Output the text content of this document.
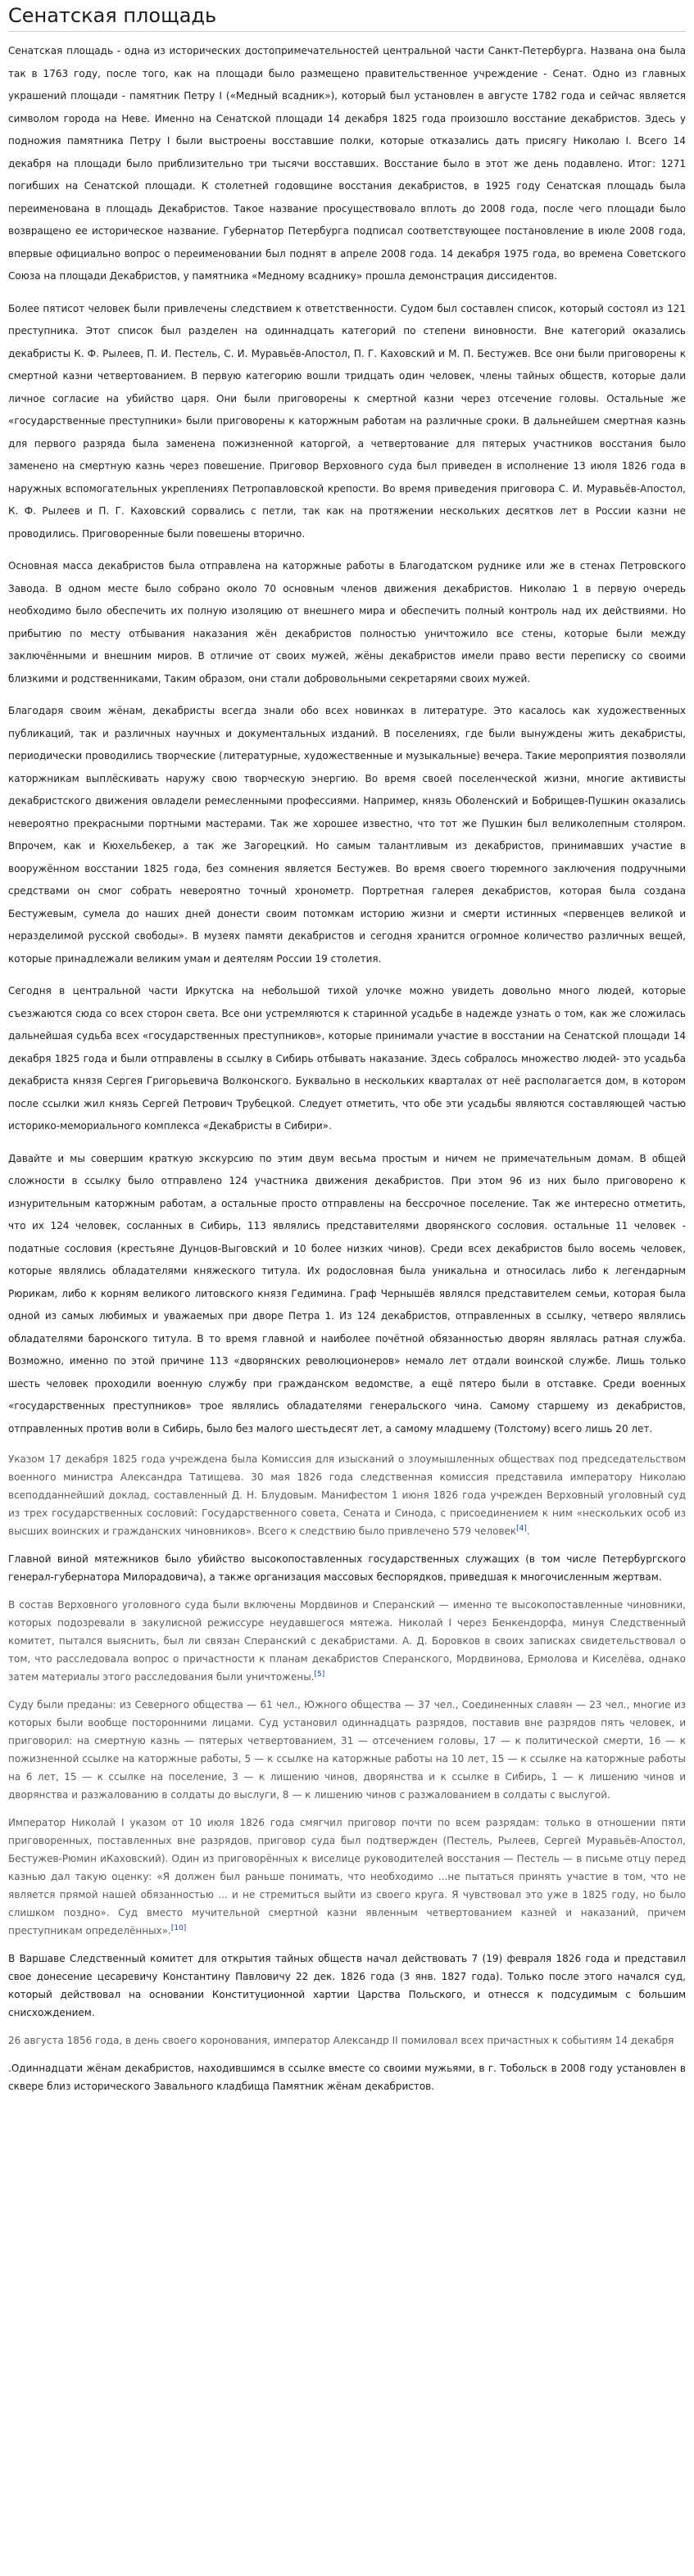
Сенатская площадь

Сенатская площадь - одна из исторических достопримечательностей центральной части Санкт-Петербурга. Названа она была так в 1763 году, после того, как на площади было размещено правительственное учреждение - Сенат. Одно из главных украшений площади - памятник Петру I («Медный всадник»), который был установлен в августе 1782 года и сейчас является символом города на Неве. Именно на Сенатской площади 14 декабря 1825 года произошло восстание декабристов. Здесь у подножия памятника Петру I были выстроены восставшие полки, которые отказались дать присягу Николаю I. Всего 14 декабря на площади было приблизительно три тысячи восставших. Восстание было в этот же день подавлено. Итог: 1271 погибших на Сенатской площади. К столетней годовщине восстания декабристов, в 1925 году Сенатская площадь была переименована в площадь Декабристов. Такое название просуществовало вплоть до 2008 года, после чего площади было возвращено ее историческое название. Губернатор Петербурга подписал соответствующее постановление в июле 2008 года, впервые официально вопрос о переименовании был поднят в апреле 2008 года. 14 декабря 1975 года, во времена Советского Союза на площади Декабристов, у памятника «Медному всаднику» прошла демонстрация диссидентов.

Более пятисот человек были привлечены следствием к ответственности. Судом был составлен список, который состоял из 121 преступника. Этот список был разделен на одиннадцать категорий по степени виновности. Вне категорий оказались декабристы К. Ф. Рылеев, П. И. Пестель, С. И. Муравьёв-Апостол, П. Г. Каховский и М. П. Бестужев. Все они были приговорены к смертной казни четвертованием. В первую категорию вошли тридцать один человек, члены тайных обществ, которые дали личное согласие на убийство царя. Они были приговорены к смертной казни через отсечение головы. Остальные же «государственные преступники» были приговорены к каторжным работам на различные сроки. В дальнейшем смертная казнь для первого разряда была заменена пожизненной каторгой, а четвертование для пятерых участников восстания было заменено на смертную казнь через повешение. Приговор Верховного суда был приведен в исполнение 13 июля 1826 года в наружных вспомогательных укреплениях Петропавловской крепости. Во время приведения приговора С. И. Муравьёв-Апостол, К. Ф. Рылеев и П. Г. Каховский сорвались с петли, так как на протяжении нескольких десятков лет в России казни не проводились. Приговоренные были повешены вторично.

Основная масса декабристов была отправлена на каторжные работы в Благодатском руднике или же в стенах Петровского Завода. В одном месте было собрано около 70 основным членов движения декабристов. Николаю 1 в первую очередь необходимо было обеспечить их полную изоляцию от внешнего мира и обеспечить полный контроль над их действиями. Но прибытию по месту отбывания наказания жён декабристов полностью уничтожило все стены, которые были между заключёнными и внешним миров. В отличие от своих мужей, жёны декабристов имели право вести переписку со своими близкими и родственниками, Таким образом, они стали добровольными секретарями своих мужей.

Благодаря своим жёнам, декабристы всегда знали обо всех новинках в литературе. Это касалось как художественных публикаций, так и различных научных и документальных изданий. В поселениях, где были вынуждены жить декабристы, периодически проводились творческие (литературные, художественные и музыкальные) вечера. Такие мероприятия позволяли каторжникам выплёскивать наружу свою творческую энергию. Во время своей поселенческой жизни, многие активисты декабристского движения овладели ремесленными профессиями. Например, князь Оболенский и Бобрищев-Пушкин оказались невероятно прекрасными портными мастерами. Так же хорошее известно, что тот же Пушкин был великолепным столяром. Впрочем, как и Кюхельбекер, а так же Загорецкий. Но самым талантливым из декабристов, принимавших участие в вооружённом восстании 1825 года, без сомнения является Бестужев. Во время своего тюремного заключения подручными средствами он смог собрать невероятно точный хронометр. Портретная галерея декабристов, которая была создана Бестужевым, сумела до наших дней донести своим потомкам историю жизни и смерти истинных «первенцев великой и неразделимой русской свободы». В музеях памяти декабристов и сегодня хранится огромное количество различных вещей, которые принадлежали великим умам и деятелям России 19 столетия.

Сегодня в центральной части Иркутска на небольшой тихой улочке можно увидеть довольно много людей, которые съезжаются сюда со всех сторон света. Все они устремляются к старинной усадьбе в надежде узнать о том, как же сложилась дальнейшая судьба всех «государственных преступников», которые принимали участие в восстании на Сенатской площади 14 декабря 1825 года и были отправлены в ссылку в Сибирь отбывать наказание. Здесь собралось множество людей- это усадьба декабриста князя Сергея Григорьевича Волконского. Буквально в нескольких кварталах от неё располагается дом, в котором после ссылки жил князь Сергей Петрович Трубецкой. Следует отметить, что обе эти усадьбы являются составляющей частью историко-мемориального комплекса «Декабристы в Сибири».

Давайте и мы совершим краткую экскурсию по этим двум весьма простым и ничем не примечательным домам. В общей сложности в ссылку было отправлено 124 участника движения декабристов. При этом 96 из них было приговорено к изнурительным каторжным работам, а остальные просто отправлены на бессрочное поселение. Так же интересно отметить, что их 124 человек, сосланных в Сибирь, 113 являлись представителями дворянского сословия. остальные 11 человек - податные сословия (крестьяне Дунцов-Выговский и 10 более низких чинов). Среди всех декабристов было восемь человек, которые являлись обладателями княжеского титула. Их родословная была уникальна и относилась либо к легендарным Рюрикам, либо к корням великого литовского князя Гедимина. Граф Чернышёв являлся представителем семьи, которая была одной из самых любимых и уважаемых при дворе Петра 1. Из 124 декабристов, отправленных в ссылку, четверо являлись обладателями баронского титула. В то время главной и наиболее почётной обязанностью дворян являлась ратная служба. Возможно, именно по этой причине 113 «дворянских революционеров» немало лет отдали воинской службе. Лишь только шесть человек проходили военную службу при гражданском ведомстве, а ещё пятеро были в отставке. Среди военных «государственных преступников» трое являлись обладателями генеральского чина. Самому старшему из декабристов, отправленных против воли в Сибирь, было без малого шестьдесят лет, а самому младшему (Толстому) всего лишь 20 лет.

Указом 17 декабря 1825 года учреждена была Комиссия для изысканий о злоумышленных обществах под председательством военного министра Александра Татищева. 30 мая 1826 года следственная комиссия представила императору Николаю всеподданнейший доклад, составленный Д. Н. Блудовым. Манифестом 1 июня 1826 года учрежден Верховный уголовный суд из трех государственных сословий: Государственного совета, Сената и Синода, с присоединением к ним «нескольких особ из высших воинских и гражданских чиновников». Всего к следствию было привлечено 579 человек[4].

Главной виной мятежников было убийство высокопоставленных государственных служащих (в том числе Петербургского генерал-губернатора Милорадовича), а также организация массовых беспорядков, приведшая к многочисленным жертвам.

В состав Верховного уголовного суда были включены Мордвинов и Сперанский — именно те высокопоставленные чиновники, которых подозревали в закулисной режиссуре неудавшегося мятежа. Николай I через Бенкендорфа, минуя Следственный комитет, пытался выяснить, был ли связан Сперанский с декабристами. А. Д. Боровков в своих записках свидетельствовал о том, что расследовала вопрос о причастности к планам декабристов Сперанского, Мордвинова, Ермолова и Киселёва, однако затем материалы этого расследования были уничтожены.[5]

Суду были преданы: из Северного общества — 61 чел., Южного общества — 37 чел., Соединенных славян — 23 чел., многие из которых были вообще посторонними лицами. Суд установил одиннадцать разрядов, поставив вне разрядов пять человек, и приговорил: на смертную казнь — пятерых четвертованием, 31 — отсечением головы, 17 — к политической смерти, 16 — к пожизненной ссылке на каторжные работы, 5 — к ссылке на каторжные работы на 10 лет, 15 — к ссылке на каторжные работы на 6 лет, 15 — к ссылке на поселение, 3 — к лишению чинов, дворянства и к ссылке в Сибирь, 1 — к лишению чинов и дворянства и разжалованию в солдаты до выслуги, 8 — к лишению чинов с разжалованием в солдаты с выслугой.

Император Николай I указом от 10 июля 1826 года смягчил приговор почти по всем разрядам: только в отношении пяти приговоренных, поставленных вне разрядов, приговор суда был подтвержден (Пестель, Рылеев, Сергей Муравьёв-Апостол, Бестужев-Рюмин иКаховский). Один из приговорённых к виселице руководителей восстания — Пестель — в письме отцу перед казнью дал такую оценку: «Я должен был раньше понимать, что необходимо ...не пытаться принять участие в том, что не является прямой нашей обязанностью ... и не стремиться выйти из своего круга. Я чувствовал это уже в 1825 году, но было слишком поздно». Суд вместо мучительной смертной казни явленным четвертованием казней и наказаний, причем преступникам определённых».[10]

В Варшаве Следственный комитет для открытия тайных обществ начал действовать 7 (19) февраля 1826 года и представил свое донесение цесаревичу Константину Павловичу 22 дек. 1826 года (3 янв. 1827 года). Только после этого начался суд, который действовал на основании Конституционной хартии Царства Польского, и отнесся к подсудимым с большим снисхождением.

26 августа 1856 года, в день своего коронования, император Александр II помиловал всех причастных к событиям 14 декабря

.Одиннадцати жёнам декабристов, находившимся в ссылке вместе со своими мужьями, в г. Тобольск в 2008 году установлен в сквере близ исторического Завального кладбища Памятник жёнам декабристов.
